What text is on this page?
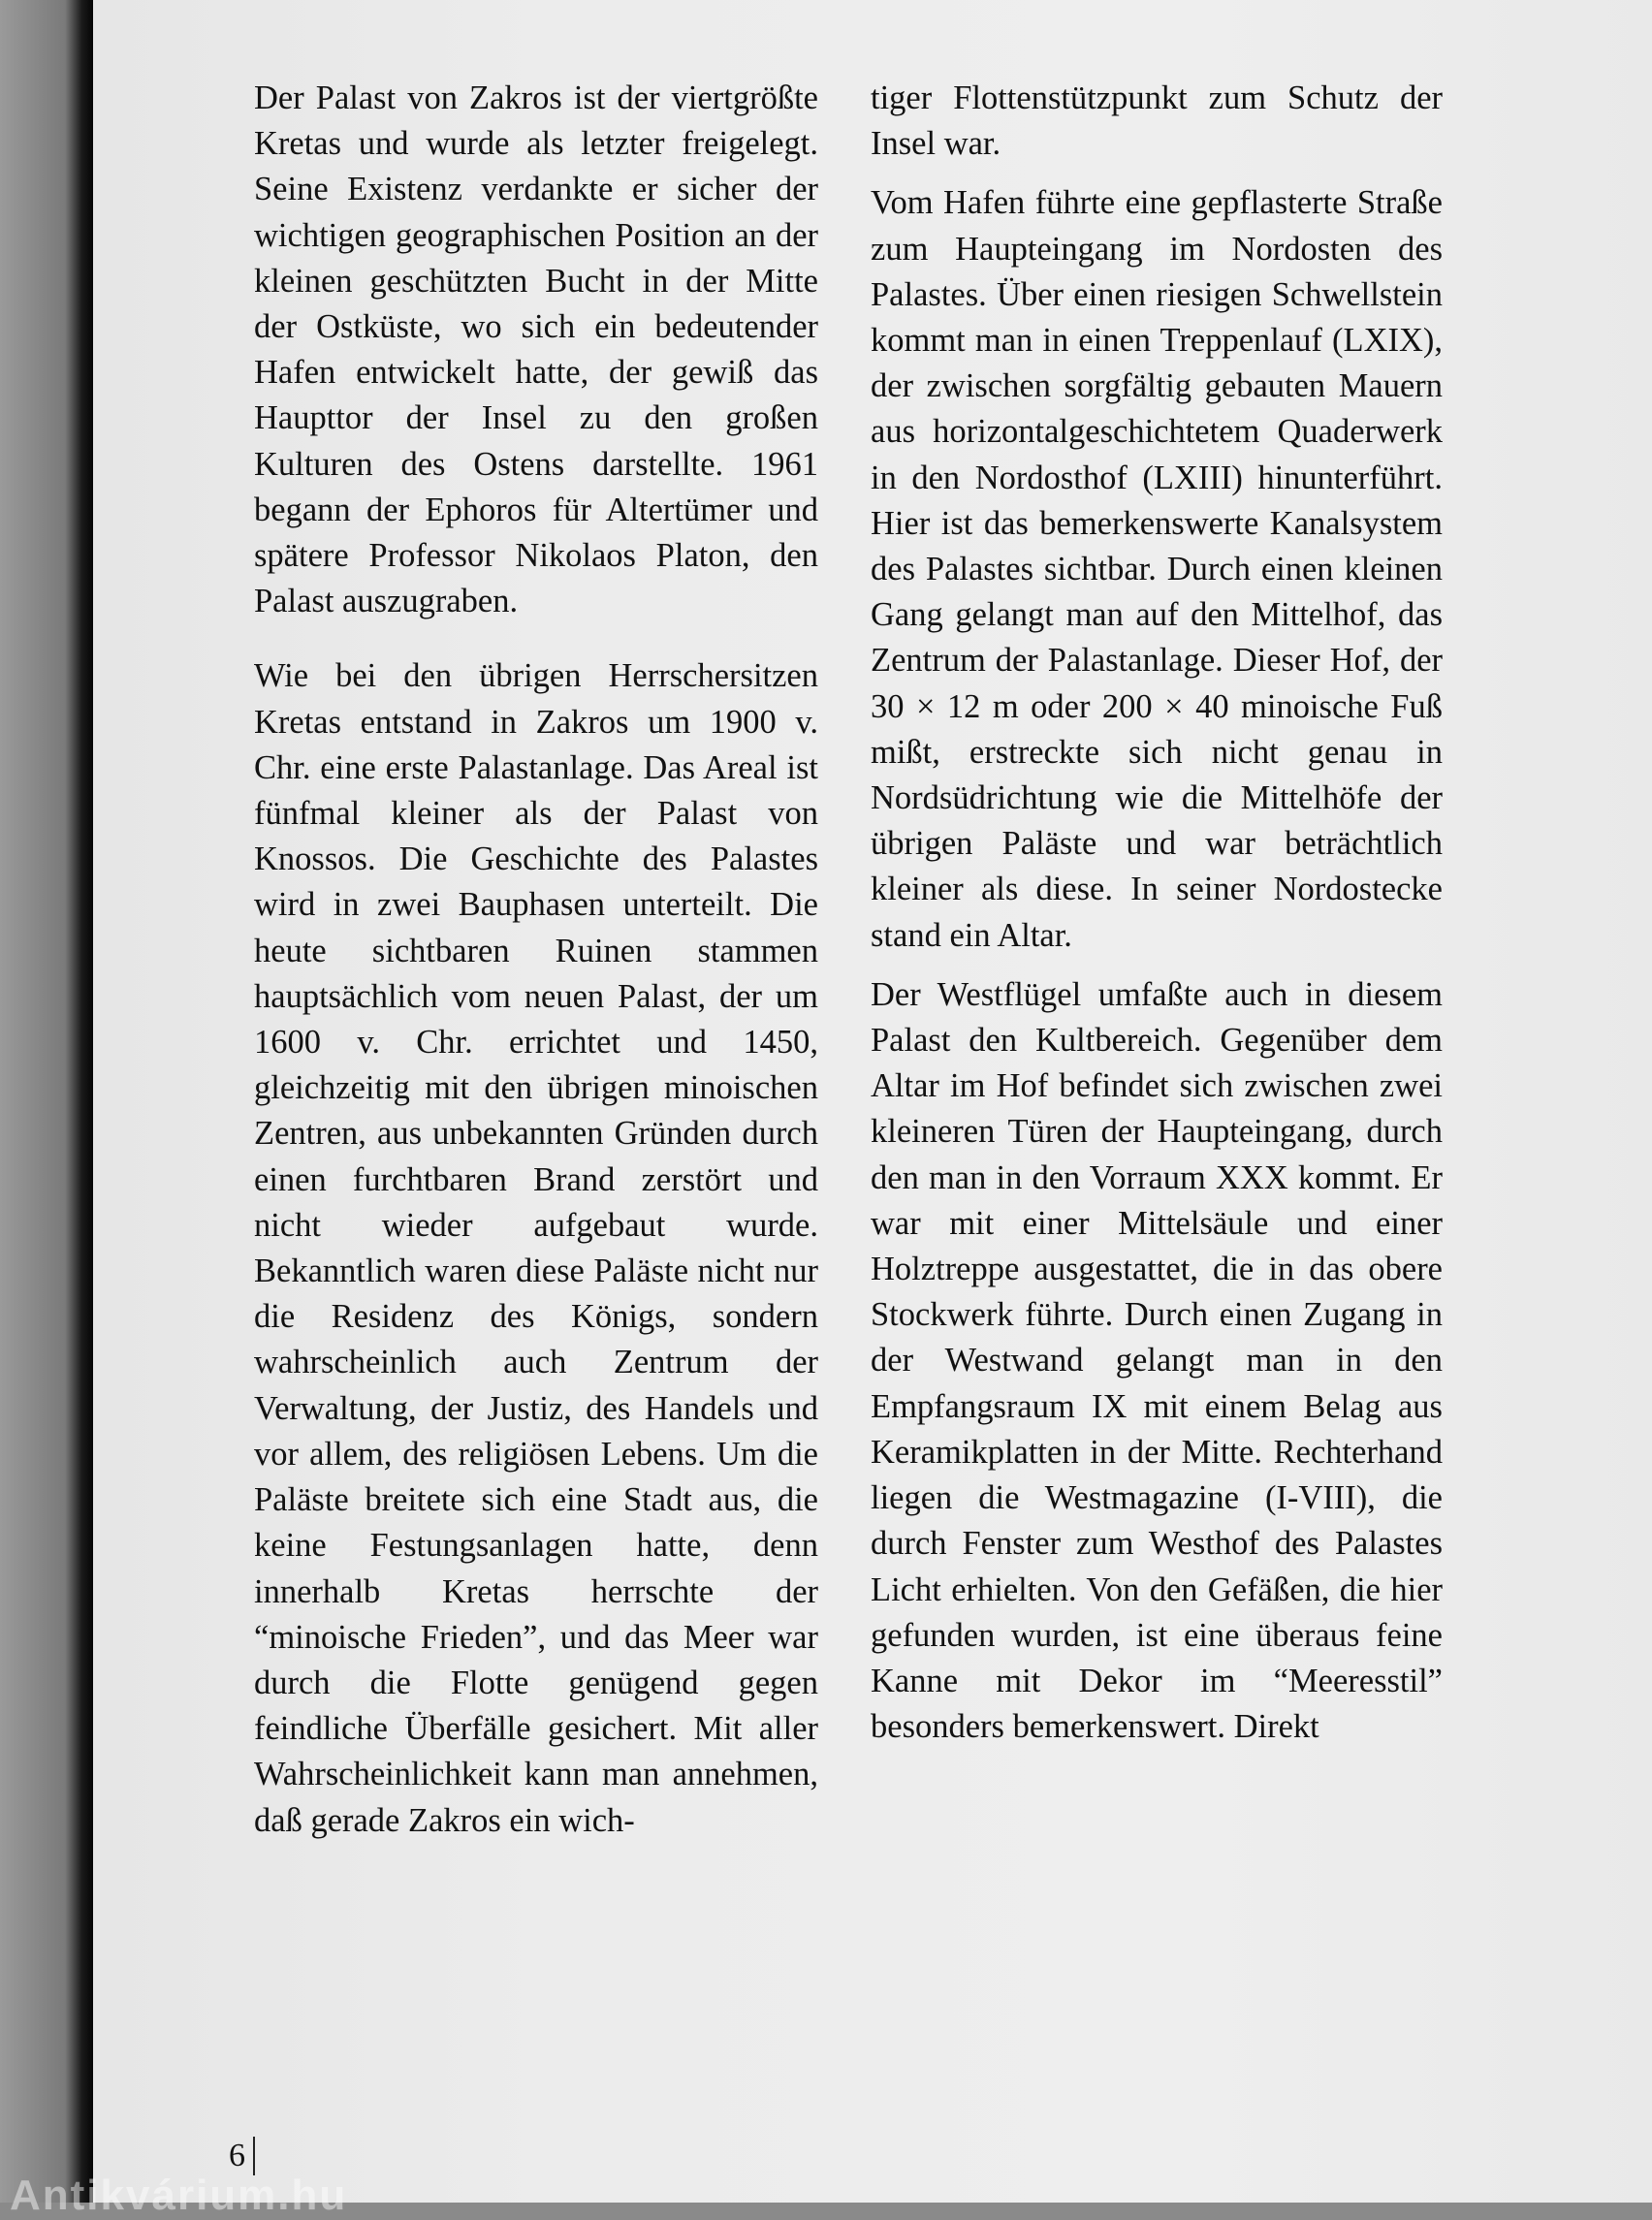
Der Palast von Zakros ist der viertgrößte Kretas und wurde als letzter freigelegt. Seine Existenz verdankte er sicher der wichtigen geographischen Position an der kleinen geschützten Bucht in der Mitte der Ostküste, wo sich ein bedeutender Hafen entwickelt hatte, der gewiß das Haupttor der Insel zu den großen Kulturen des Ostens darstellte. 1961 begann der Ephoros für Altertümer und spätere Professor Nikolaos Platon, den Palast auszugraben.

Wie bei den übrigen Herrschersitzen Kretas entstand in Zakros um 1900 v. Chr. eine erste Palastanlage. Das Areal ist fünfmal kleiner als der Palast von Knossos. Die Geschichte des Palastes wird in zwei Bauphasen unterteilt. Die heute sichtbaren Ruinen stammen hauptsächlich vom neuen Palast, der um 1600 v. Chr. errichtet und 1450, gleichzeitig mit den übrigen minoischen Zentren, aus unbekannten Gründen durch einen furchtbaren Brand zerstört und nicht wieder aufgebaut wurde. Bekanntlich waren diese Paläste nicht nur die Residenz des Königs, sondern wahrscheinlich auch Zentrum der Verwaltung, der Justiz, des Handels und vor allem, des religiösen Lebens. Um die Paläste breitete sich eine Stadt aus, die keine Festungsanlagen hatte, denn innerhalb Kretas herrschte der “minoische Frieden”, und das Meer war durch die Flotte genügend gegen feindliche Überfälle gesichert. Mit aller Wahrscheinlichkeit kann man annehmen, daß gerade Zakros ein wich-

tiger Flottenstützpunkt zum Schutz der Insel war.

Vom Hafen führte eine gepflasterte Straße zum Haupteingang im Nordosten des Palastes. Über einen riesigen Schwellstein kommt man in einen Treppenlauf (LXIX), der zwischen sorgfältig gebauten Mauern aus horizontalgeschichtetem Quaderwerk in den Nordosthof (LXIII) hinunterführt. Hier ist das bemerkenswerte Kanalsystem des Palastes sichtbar. Durch einen kleinen Gang gelangt man auf den Mittelhof, das Zentrum der Palastanlage. Dieser Hof, der 30 × 12 m oder 200 × 40 minoische Fuß mißt, erstreckte sich nicht genau in Nordsüdrichtung wie die Mittelhöfe der übrigen Paläste und war beträchtlich kleiner als diese. In seiner Nordostecke stand ein Altar.

Der Westflügel umfaßte auch in diesem Palast den Kultbereich. Gegenüber dem Altar im Hof befindet sich zwischen zwei kleineren Türen der Haupteingang, durch den man in den Vorraum XXX kommt. Er war mit einer Mittelsäule und einer Holztreppe ausgestattet, die in das obere Stockwerk führte. Durch einen Zugang in der Westwand gelangt man in den Empfangsraum IX mit einem Belag aus Keramikplatten in der Mitte. Rechterhand liegen die Westmagazine (I-VIII), die durch Fenster zum Westhof des Palastes Licht erhielten. Von den Gefäßen, die hier gefunden wurden, ist eine überaus feine Kanne mit Dekor im “Meeresstil” besonders bemerkenswert. Direkt

6
Antikvárium.hu
